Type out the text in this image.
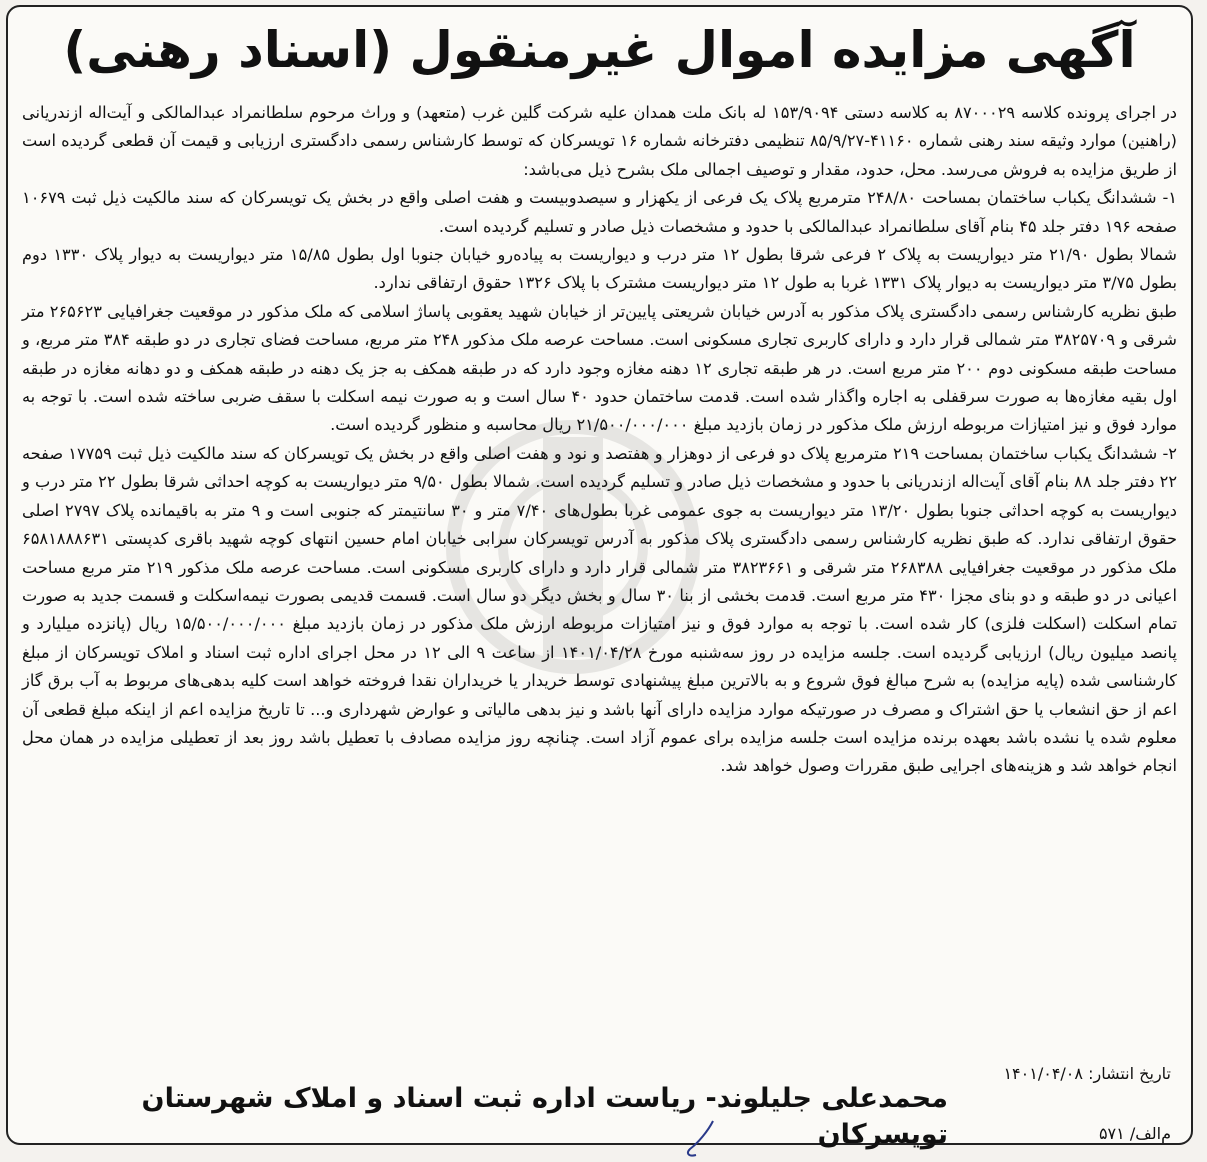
آگهی مزایده اموال غیرمنقول (اسناد رهنی)

در اجرای پرونده کلاسه ۸۷۰۰۰۲۹ به کلاسه دستی ۱۵۳/۹۰۹۴ له بانک ملت همدان علیه شرکت گلین غرب (متعهد) و وراث مرحوم سلطانمراد عبدالمالکی و آیت‌اله ازندریانی (راهنین) موارد وثیقه سند رهنی شماره ۴۱۱۶۰-۸۵/۹/۲۷ تنظیمی دفترخانه شماره ۱۶ تویسرکان که توسط کارشناس رسمی دادگستری ارزیابی و قیمت آن قطعی گردیده است از طریق مزایده به فروش می‌رسد. محل، حدود، مقدار و توصیف اجمالی ملک بشرح ذیل می‌باشد:

۱- ششدانگ یکباب ساختمان بمساحت ۲۴۸/۸۰ مترمربع پلاک یک فرعی از یکهزار و سیصدوبیست و هفت اصلی واقع در بخش یک تویسرکان که سند مالکیت ذیل ثبت ۱۰۶۷۹ صفحه ۱۹۶ دفتر جلد ۴۵ بنام آقای سلطانمراد عبدالمالکی با حدود و مشخصات ذیل صادر و تسلیم گردیده است.

شمالا بطول ۲۱/۹۰ متر دیواریست به پلاک ۲ فرعی شرقا بطول ۱۲ متر درب و دیواریست به پیاده‌رو خیابان جنوبا اول بطول ۱۵/۸۵ متر دیواریست به دیوار پلاک ۱۳۳۰ دوم بطول ۳/۷۵ متر دیواریست به دیوار پلاک ۱۳۳۱ غربا به طول ۱۲ متر دیواریست مشترک با پلاک ۱۳۲۶ حقوق ارتفاقی ندارد.

طبق نظریه کارشناس رسمی دادگستری پلاک مذکور به آدرس خیابان شریعتی پایین‌تر از خیابان شهید یعقوبی پاساژ اسلامی که ملک مذکور در موقعیت جغرافیایی ۲۶۵۶۲۳ متر شرقی و ۳۸۲۵۷۰۹ متر شمالی قرار دارد و دارای کاربری تجاری مسکونی است. مساحت عرصه ملک مذکور ۲۴۸ متر مربع، مساحت فضای تجاری در دو طبقه ۳۸۴ متر مربع، و مساحت طبقه مسکونی دوم ۲۰۰ متر مربع است. در هر طبقه تجاری ۱۲ دهنه مغازه وجود دارد که در طبقه همکف به جز یک دهنه در طبقه همکف و دو دهانه مغازه در طبقه اول بقیه مغازه‌ها به صورت سرقفلی به اجاره واگذار شده است. قدمت ساختمان حدود ۴۰ سال است و به صورت نیمه اسکلت با سقف ضربی ساخته شده است. با توجه به موارد فوق و نیز امتیازات مربوطه ارزش ملک مذکور در زمان بازدید مبلغ ۲۱/۵۰۰/۰۰۰/۰۰۰ ریال محاسبه و منظور گردیده است.

۲- ششدانگ یکباب ساختمان بمساحت ۲۱۹ مترمربع پلاک دو فرعی از دوهزار و هفتصد و نود و هفت اصلی واقع در بخش یک تویسرکان که سند مالکیت ذیل ثبت ۱۷۷۵۹ صفحه ۲۲ دفتر جلد ۸۸ بنام آقای آیت‌اله ازندریانی با حدود و مشخصات ذیل صادر و تسلیم گردیده است. شمالا بطول ۹/۵۰ متر دیواریست به کوچه احداثی شرقا بطول ۲۲ متر درب و دیواریست به کوچه احداثی جنوبا بطول ۱۳/۲۰ متر دیواریست به جوی عمومی غربا بطول‌های ۷/۴۰ متر و ۳۰ سانتیمتر که جنوبی است و ۹ متر به باقیمانده پلاک ۲۷۹۷ اصلی حقوق ارتفاقی ندارد. که طبق نظریه کارشناس رسمی دادگستری پلاک مذکور به آدرس تویسرکان سرابی خیابان امام حسین انتهای کوچه شهید باقری کدپستی ۶۵۸۱۸۸۸۶۳۱ ملک مذکور در موقعیت جغرافیایی ۲۶۸۳۸۸ متر شرقی و ۳۸۲۳۶۶۱ متر شمالی قرار دارد و دارای کاربری مسکونی است. مساحت عرصه ملک مذکور ۲۱۹ متر مربع مساحت اعیانی در دو طبقه و دو بنای مجزا ۴۳۰ متر مربع است. قدمت بخشی از بنا ۳۰ سال و بخش دیگر دو سال است. قسمت قدیمی بصورت نیمه‌اسکلت و قسمت جدید به صورت تمام اسکلت (اسکلت فلزی) کار شده است. با توجه به موارد فوق و نیز امتیازات مربوطه ارزش ملک مذکور در زمان بازدید مبلغ ۱۵/۵۰۰/۰۰۰/۰۰۰ ریال (پانزده میلیارد و پانصد میلیون ریال) ارزیابی گردیده است. جلسه مزایده در روز سه‌شنبه مورخ ۱۴۰۱/۰۴/۲۸ از ساعت ۹ الی ۱۲ در محل اجرای اداره ثبت اسناد و املاک تویسرکان از مبلغ کارشناسی شده (پایه مزایده) به شرح مبالغ فوق شروع و به بالاترین مبلغ پیشنهادی توسط خریدار یا خریداران نقدا فروخته خواهد است کلیه بدهی‌های مربوط به آب برق گاز اعم از حق انشعاب یا حق اشتراک و مصرف در صورتیکه موارد مزایده دارای آنها باشد و نیز بدهی مالیاتی و عوارض شهرداری و... تا تاریخ مزایده اعم از اینکه مبلغ قطعی آن معلوم شده یا نشده باشد بعهده برنده مزایده است جلسه مزایده برای عموم آزاد است. چنانچه روز مزایده مصادف با تعطیل باشد روز بعد از تعطیلی مزایده در همان محل انجام خواهد شد و هزینه‌های اجرایی طبق مقررات وصول خواهد شد.

تاریخ انتشار: ۱۴۰۱/۰۴/۰۸
محمدعلی جلیلوند- ریاست اداره ثبت اسناد و املاک شهرستان تویسرکان	م‌الف/ ۵۷۱
